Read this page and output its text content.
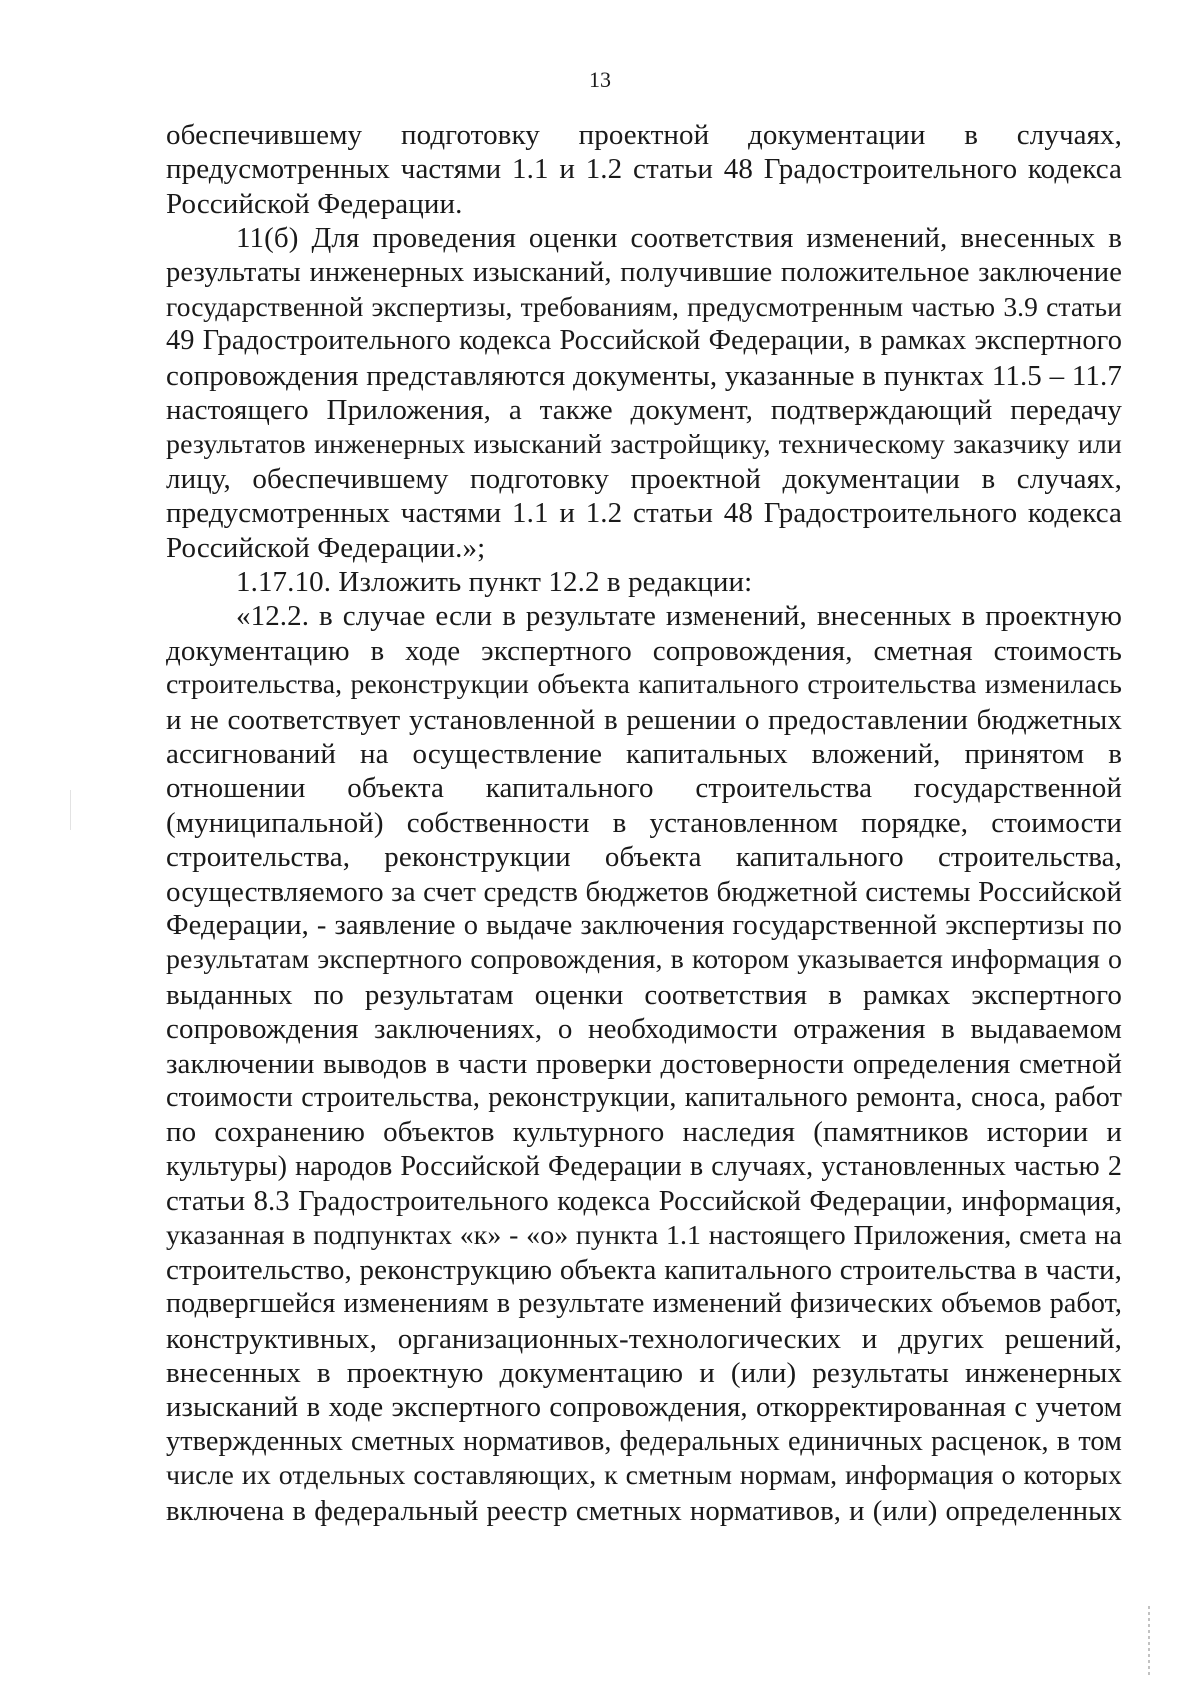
13
обеспечившему подготовку проектной документации в случаях,
предусмотренных частями 1.1 и 1.2 статьи 48 Градостроительного кодекса
Российской Федерации.
11(б) Для проведения оценки соответствия изменений, внесенных в
результаты инженерных изысканий, получившие положительное заключение
государственной экспертизы, требованиям, предусмотренным частью 3.9 статьи
49 Градостроительного кодекса Российской Федерации, в рамках экспертного
сопровождения представляются документы, указанные в пунктах 11.5 – 11.7
настоящего Приложения, а также документ, подтверждающий передачу
результатов инженерных изысканий застройщику, техническому заказчику или
лицу, обеспечившему подготовку проектной документации в случаях,
предусмотренных частями 1.1 и 1.2 статьи 48 Градостроительного кодекса
Российской Федерации.»;
1.17.10. Изложить пункт 12.2 в редакции:
«12.2. в случае если в результате изменений, внесенных в проектную
документацию в ходе экспертного сопровождения, сметная стоимость
строительства, реконструкции объекта капитального строительства изменилась
и не соответствует установленной в решении о предоставлении бюджетных
ассигнований на осуществление капитальных вложений, принятом в
отношении объекта капитального строительства государственной
(муниципальной) собственности в установленном порядке, стоимости
строительства, реконструкции объекта капитального строительства,
осуществляемого за счет средств бюджетов бюджетной системы Российской
Федерации, - заявление о выдаче заключения государственной экспертизы по
результатам экспертного сопровождения, в котором указывается информация о
выданных по результатам оценки соответствия в рамках экспертного
сопровождения заключениях, о необходимости отражения в выдаваемом
заключении выводов в части проверки достоверности определения сметной
стоимости строительства, реконструкции, капитального ремонта, сноса, работ
по сохранению объектов культурного наследия (памятников истории и
культуры) народов Российской Федерации в случаях, установленных частью 2
статьи 8.3 Градостроительного кодекса Российской Федерации, информация,
указанная в подпунктах «к» - «о» пункта 1.1 настоящего Приложения, смета на
строительство, реконструкцию объекта капитального строительства в части,
подвергшейся изменениям в результате изменений физических объемов работ,
конструктивных, организационных-технологических и других решений,
внесенных в проектную документацию и (или) результаты инженерных
изысканий в ходе экспертного сопровождения, откорректированная с учетом
утвержденных сметных нормативов, федеральных единичных расценок, в том
числе их отдельных составляющих, к сметным нормам, информация о которых
включена в федеральный реестр сметных нормативов, и (или) определенных
